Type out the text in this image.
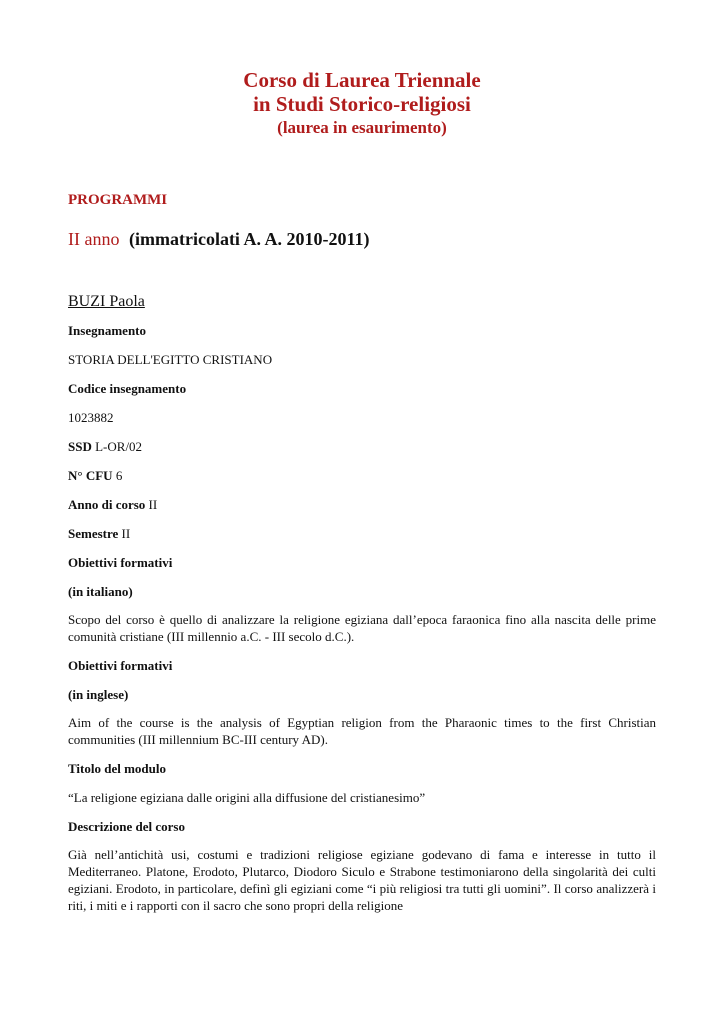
Corso di Laurea Triennale
in Studi Storico-religiosi
(laurea in esaurimento)
PROGRAMMI
II anno (immatricolati A. A. 2010-2011)
BUZI Paola
Insegnamento
STORIA DELL'EGITTO CRISTIANO
Codice insegnamento
1023882
SSD L-OR/02
N° CFU 6
Anno di corso II
Semestre II
Obiettivi formativi
(in italiano)
Scopo del corso è quello di analizzare la religione egiziana dall’epoca faraonica fino alla nascita delle prime comunità cristiane (III millennio a.C. - III secolo d.C.).
Obiettivi formativi
(in inglese)
Aim of the course is the analysis of Egyptian religion from the Pharaonic times to the first Christian communities (III millennium BC-III century AD).
Titolo del modulo
“La religione egiziana dalle origini alla diffusione del cristianesimo”
Descrizione del corso
Già nell’antichità usi, costumi e tradizioni religiose egiziane godevano di fama e interesse in tutto il Mediterraneo. Platone, Erodoto, Plutarco, Diodoro Siculo e Strabone testimoniarono della singolarità dei culti egiziani. Erodoto, in particolare, definì gli egiziani come “i più religiosi tra tutti gli uomini”. Il corso analizzerà i riti, i miti e i rapporti con il sacro che sono propri della religione
